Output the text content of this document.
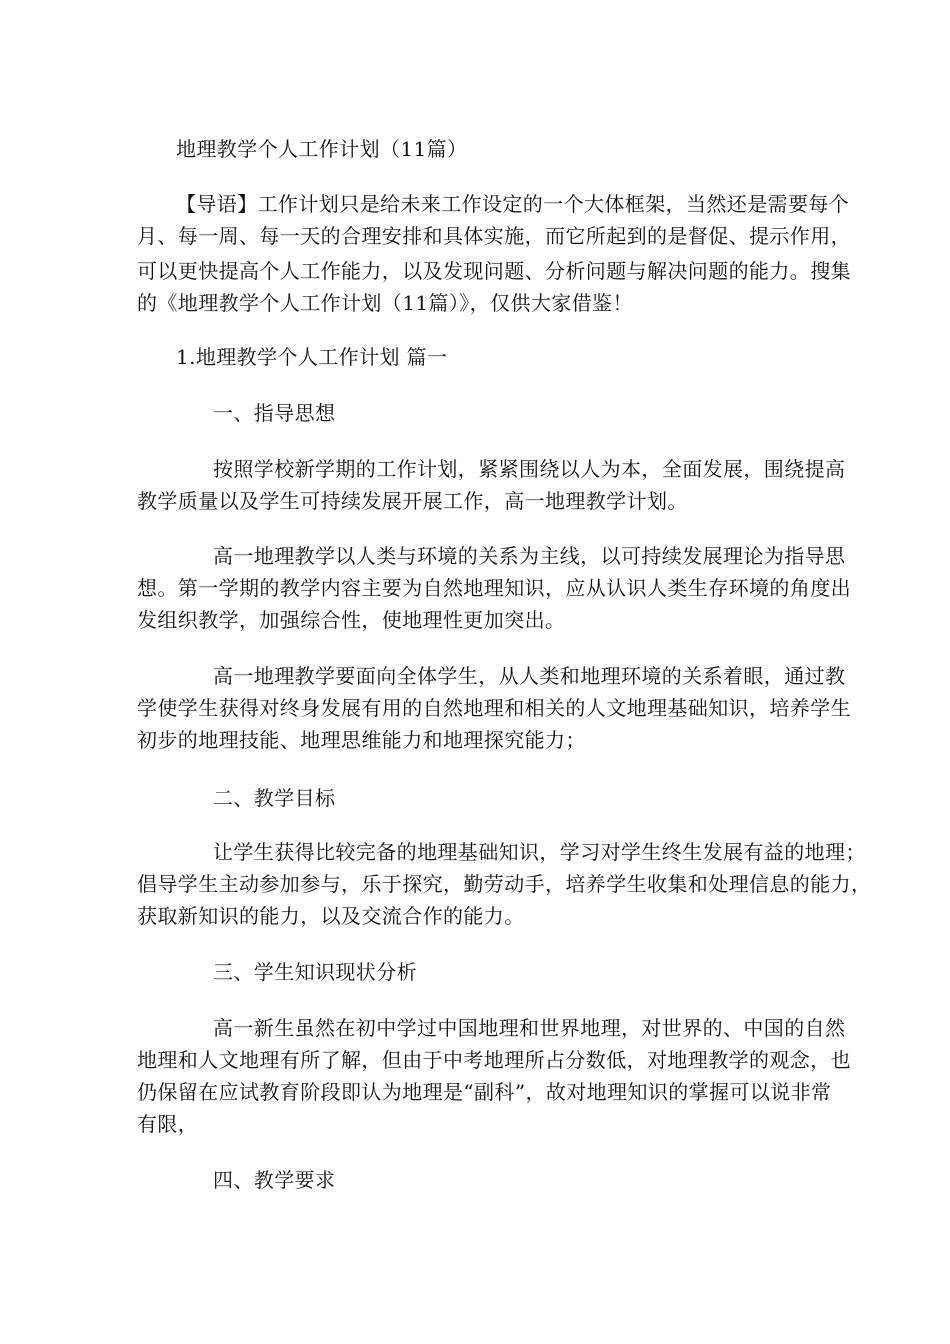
地理教学个人工作计划（11篇）
【导语】工作计划只是给未来工作设定的一个大体框架，当然还是需要每个
月、每一周、每一天的合理安排和具体实施，而它所起到的是督促、提示作用，
可以更快提高个人工作能力，以及发现问题、分析问题与解决问题的能力。搜集
的《地理教学个人工作计划（11篇）》，仅供大家借鉴！
1.地理教学个人工作计划 篇一
一、指导思想
按照学校新学期的工作计划，紧紧围绕以人为本，全面发展，围绕提高
教学质量以及学生可持续发展开展工作，高一地理教学计划。
高一地理教学以人类与环境的关系为主线，以可持续发展理论为指导思
想。第一学期的教学内容主要为自然地理知识，应从认识人类生存环境的角度出
发组织教学，加强综合性，使地理性更加突出。
高一地理教学要面向全体学生，从人类和地理环境的关系着眼，通过教
学使学生获得对终身发展有用的自然地理和相关的人文地理基础知识，培养学生
初步的地理技能、地理思维能力和地理探究能力；
二、教学目标
让学生获得比较完备的地理基础知识，学习对学生终生发展有益的地理；
倡导学生主动参加参与，乐于探究，勤劳动手，培养学生收集和处理信息的能力，
获取新知识的能力，以及交流合作的能力。
三、学生知识现状分析
高一新生虽然在初中学过中国地理和世界地理，对世界的、中国的自然
地理和人文地理有所了解，但由于中考地理所占分数低，对地理教学的观念，也
仍保留在应试教育阶段即认为地理是“副科”，故对地理知识的掌握可以说非常
有限，
四、教学要求
